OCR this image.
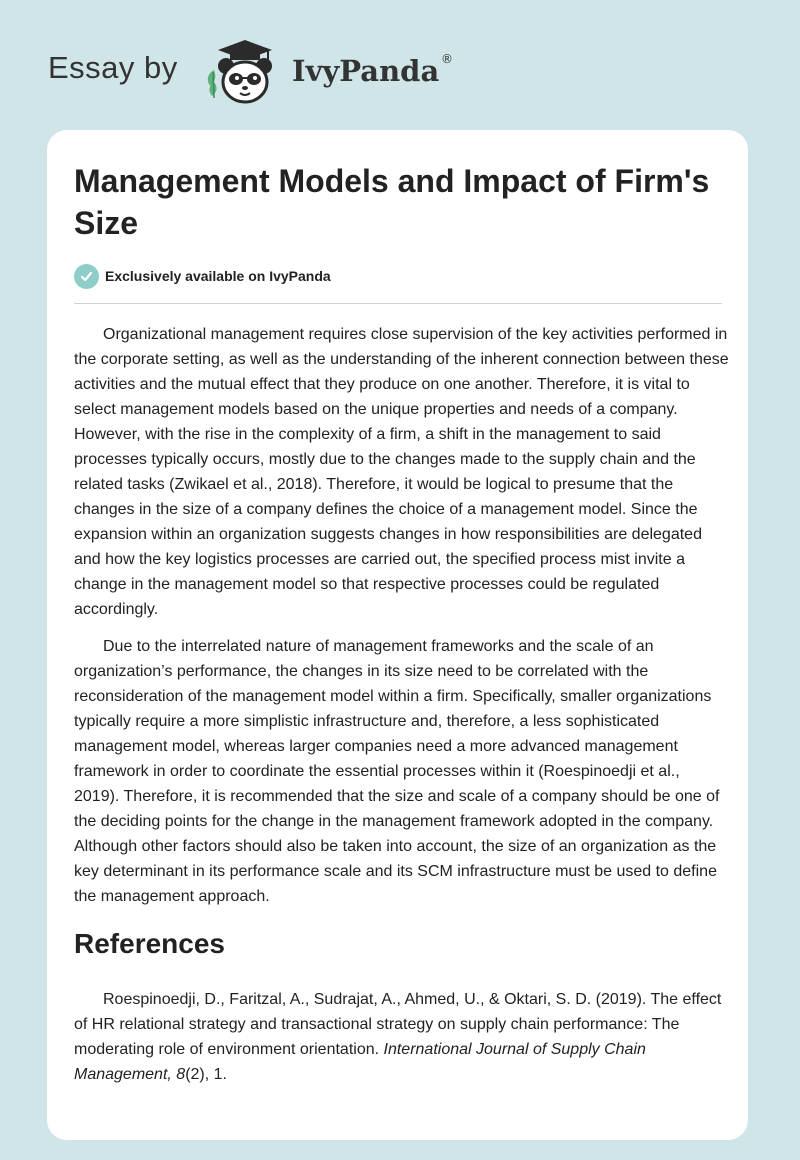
Essay by	IvyPanda ®
Management Models and Impact of Firm's Size
Exclusively available on IvyPanda

Organizational management requires close supervision of the key activities performed in the corporate setting, as well as the understanding of the inherent connection between these activities and the mutual effect that they produce on one another. Therefore, it is vital to select management models based on the unique properties and needs of a company. However, with the rise in the complexity of a firm, a shift in the management to said processes typically occurs, mostly due to the changes made to the supply chain and the related tasks (Zwikael et al., 2018). Therefore, it would be logical to presume that the changes in the size of a company defines the choice of a management model. Since the expansion within an organization suggests changes in how responsibilities are delegated and how the key logistics processes are carried out, the specified process mist invite a change in the management model so that respective processes could be regulated accordingly.

Due to the interrelated nature of management frameworks and the scale of an organization’s performance, the changes in its size need to be correlated with the reconsideration of the management model within a firm. Specifically, smaller organizations typically require a more simplistic infrastructure and, therefore, a less sophisticated management model, whereas larger companies need a more advanced management framework in order to coordinate the essential processes within it (Roespinoedji et al., 2019). Therefore, it is recommended that the size and scale of a company should be one of the deciding points for the change in the management framework adopted in the company. Although other factors should also be taken into account, the size of an organization as the key determinant in its performance scale and its SCM infrastructure must be used to define the management approach.

References

Roespinoedji, D., Faritzal, A., Sudrajat, A., Ahmed, U., & Oktari, S. D. (2019). The effect of HR relational strategy and transactional strategy on supply chain performance: The moderating role of environment orientation. International Journal of Supply Chain Management, 8(2), 1.
